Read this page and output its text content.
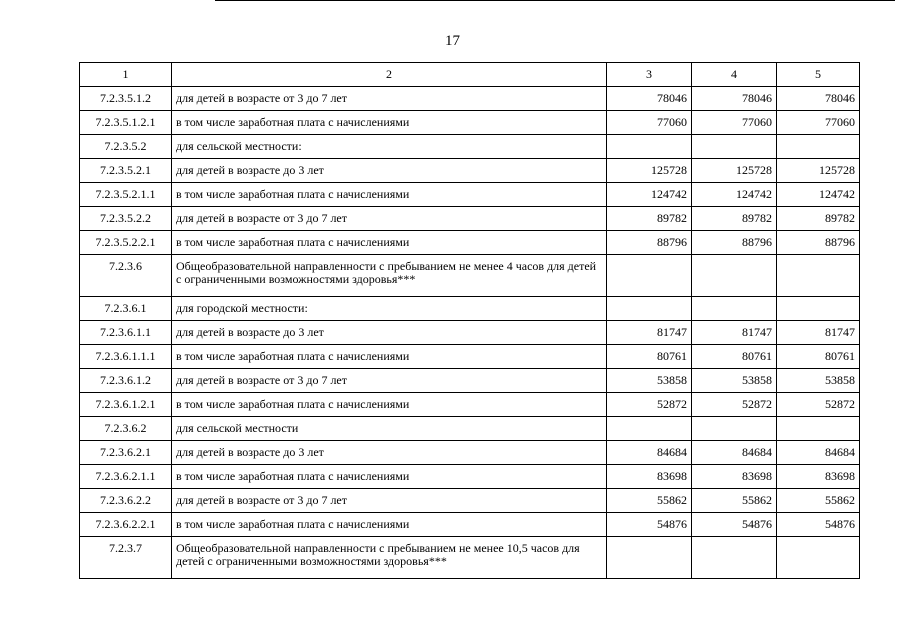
17
1	2	3	4	5
7.2.3.5.1.2	для детей в возрасте от 3 до 7 лет	78046	78046	78046
7.2.3.5.1.2.1	в том числе заработная плата с начислениями	77060	77060	77060
7.2.3.5.2	для сельской местности:			
7.2.3.5.2.1	для детей в возрасте до 3 лет	125728	125728	125728
7.2.3.5.2.1.1	в том числе заработная плата с начислениями	124742	124742	124742
7.2.3.5.2.2	для детей в возрасте от 3 до 7 лет	89782	89782	89782
7.2.3.5.2.2.1	в том числе заработная плата с начислениями	88796	88796	88796
7.2.3.6	Общеобразовательной направленности с пребыванием не менее 4 часов для детей с ограниченными возможностями здоровья***			
7.2.3.6.1	для городской местности:			
7.2.3.6.1.1	для детей в возрасте до 3 лет	81747	81747	81747
7.2.3.6.1.1.1	в том числе заработная плата с начислениями	80761	80761	80761
7.2.3.6.1.2	для детей в возрасте от 3 до 7 лет	53858	53858	53858
7.2.3.6.1.2.1	в том числе заработная плата с начислениями	52872	52872	52872
7.2.3.6.2	для сельской местности			
7.2.3.6.2.1	для детей в возрасте до 3 лет	84684	84684	84684
7.2.3.6.2.1.1	в том числе заработная плата с начислениями	83698	83698	83698
7.2.3.6.2.2	для детей в возрасте от 3 до 7 лет	55862	55862	55862
7.2.3.6.2.2.1	в том числе заработная плата с начислениями	54876	54876	54876
7.2.3.7	Общеобразовательной направленности с пребыванием не менее 10,5 часов для детей с ограниченными возможностями здоровья***			
